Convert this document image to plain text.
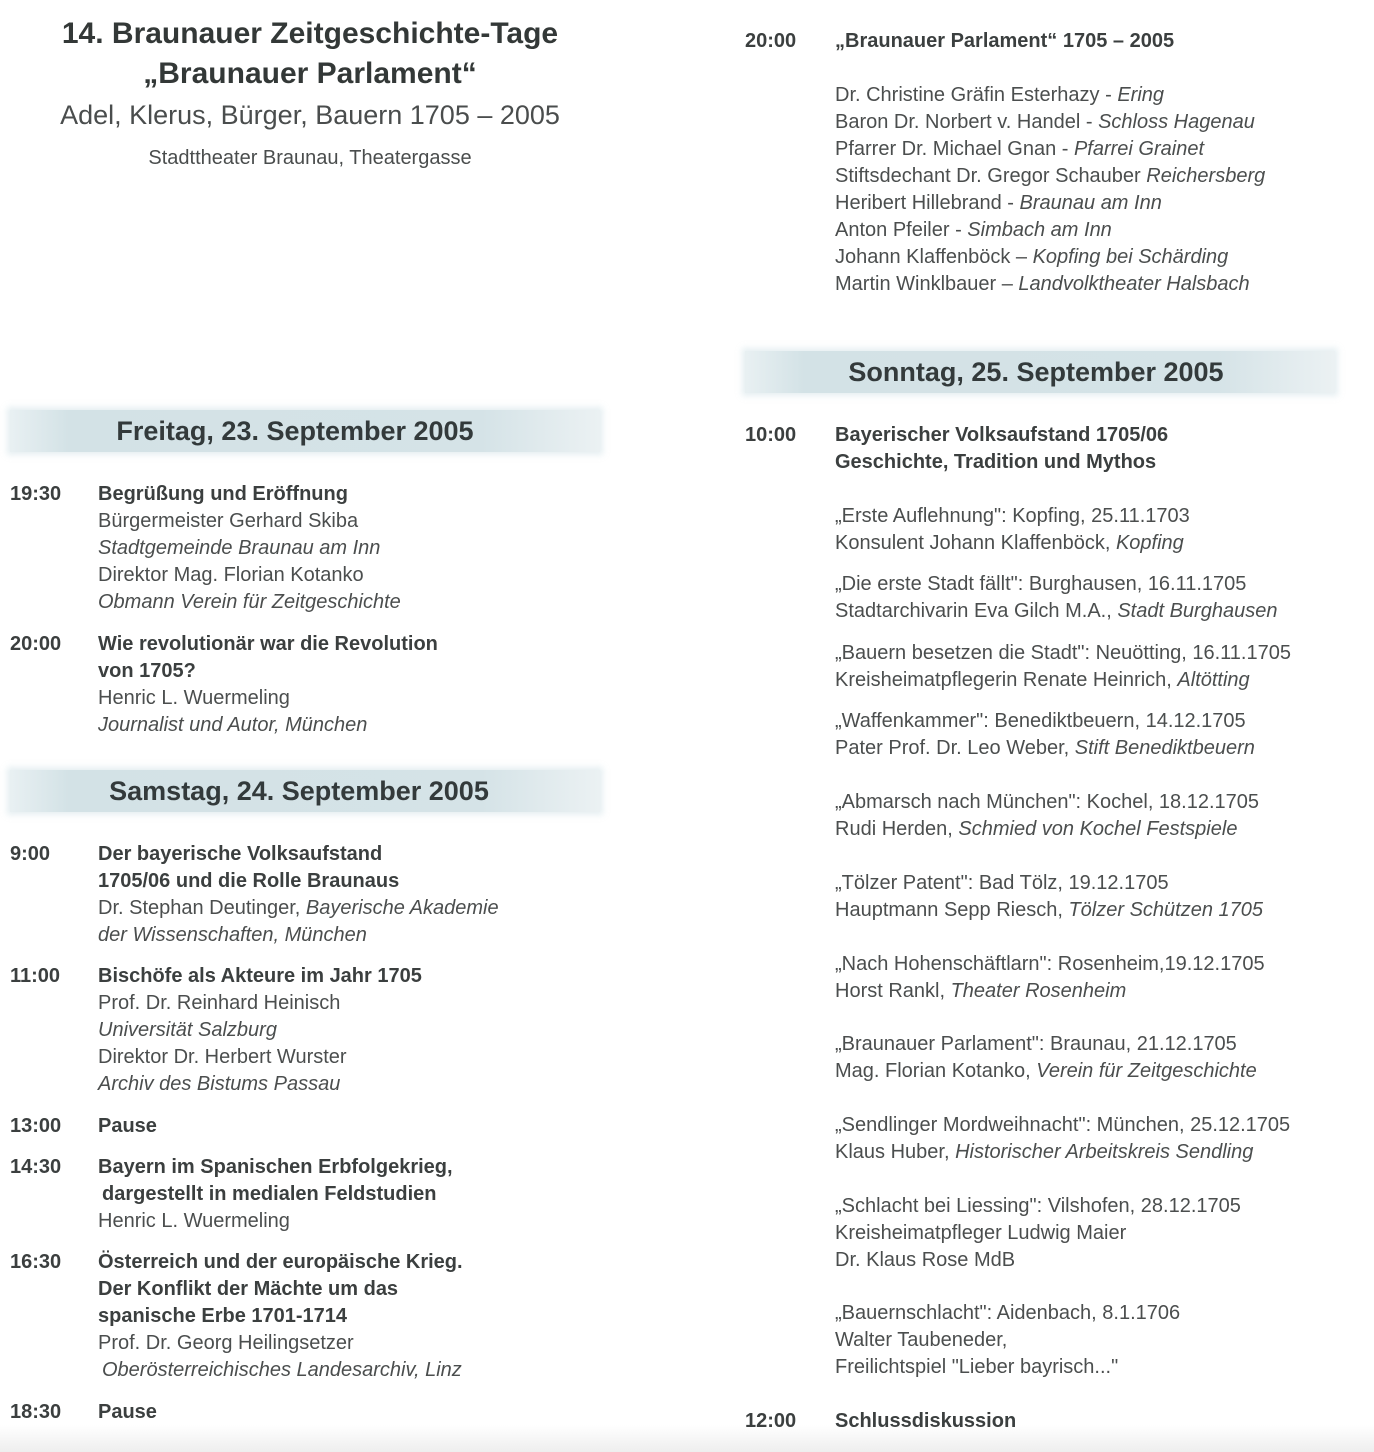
14. Braunauer Zeitgeschichte-Tage
„Braunauer Parlament“
Adel, Klerus, Bürger, Bauern 1705 – 2005
Stadttheater Braunau, Theatergasse
Freitag, 23. September 2005
19:30 Begrüßung und Eröffnung
Bürgermeister Gerhard Skiba
Stadtgemeinde Braunau am Inn
Direktor Mag. Florian Kotanko
Obmann Verein für Zeitgeschichte
20:00 Wie revolutionär war die Revolution
von 1705?
Henric L. Wuermeling
Journalist und Autor, München
Samstag, 24. September 2005
9:00 Der bayerische Volksaufstand
1705/06 und die Rolle Braunaus
Dr. Stephan Deutinger, Bayerische Akademie
der Wissenschaften, München
11:00 Bischöfe als Akteure im Jahr 1705
Prof. Dr. Reinhard Heinisch
Universität Salzburg
Direktor Dr. Herbert Wurster
Archiv des Bistums Passau
13:00 Pause
14:30 Bayern im Spanischen Erbfolgekrieg,
dargestellt in medialen Feldstudien
Henric L. Wuermeling
16:30 Österreich und der europäische Krieg.
Der Konflikt der Mächte um das
spanische Erbe 1701-1714
Prof. Dr. Georg Heilingsetzer
Oberösterreichisches Landesarchiv, Linz
18:30 Pause
20:00 „Braunauer Parlament“ 1705 – 2005
Dr. Christine Gräfin Esterhazy - Ering
Baron Dr. Norbert v. Handel - Schloss Hagenau
Pfarrer Dr. Michael Gnan - Pfarrei Grainet
Stiftsdechant Dr. Gregor Schauber Reichersberg
Heribert Hillebrand - Braunau am Inn
Anton Pfeiler - Simbach am Inn
Johann Klaffenböck – Kopfing bei Schärding
Martin Winklbauer – Landvolktheater Halsbach
Sonntag, 25. September 2005
10:00 Bayerischer Volksaufstand 1705/06
Geschichte, Tradition und Mythos
„Erste Auflehnung": Kopfing, 25.11.1703
Konsulent Johann Klaffenböck, Kopfing
„Die erste Stadt fällt": Burghausen, 16.11.1705
Stadtarchivarin Eva Gilch M.A., Stadt Burghausen
„Bauern besetzen die Stadt": Neuötting, 16.11.1705
Kreisheimatpflegerin Renate Heinrich, Altötting
„Waffenkammer": Benediktbeuern, 14.12.1705
Pater Prof. Dr. Leo Weber, Stift Benediktbeuern
„Abmarsch nach München": Kochel, 18.12.1705
Rudi Herden, Schmied von Kochel Festspiele
„Tölzer Patent": Bad Tölz, 19.12.1705
Hauptmann Sepp Riesch, Tölzer Schützen 1705
„Nach Hohenschäftlarn": Rosenheim,19.12.1705
Horst Rankl, Theater Rosenheim
„Braunauer Parlament": Braunau, 21.12.1705
Mag. Florian Kotanko, Verein für Zeitgeschichte
„Sendlinger Mordweihnacht": München, 25.12.1705
Klaus Huber, Historischer Arbeitskreis Sendling
„Schlacht bei Liessing": Vilshofen, 28.12.1705
Kreisheimatpfleger Ludwig Maier
Dr. Klaus Rose MdB
„Bauernschlacht": Aidenbach, 8.1.1706
Walter Taubeneder,
Freilichtspiel "Lieber bayrisch..."
12:00 Schlussdiskussion
